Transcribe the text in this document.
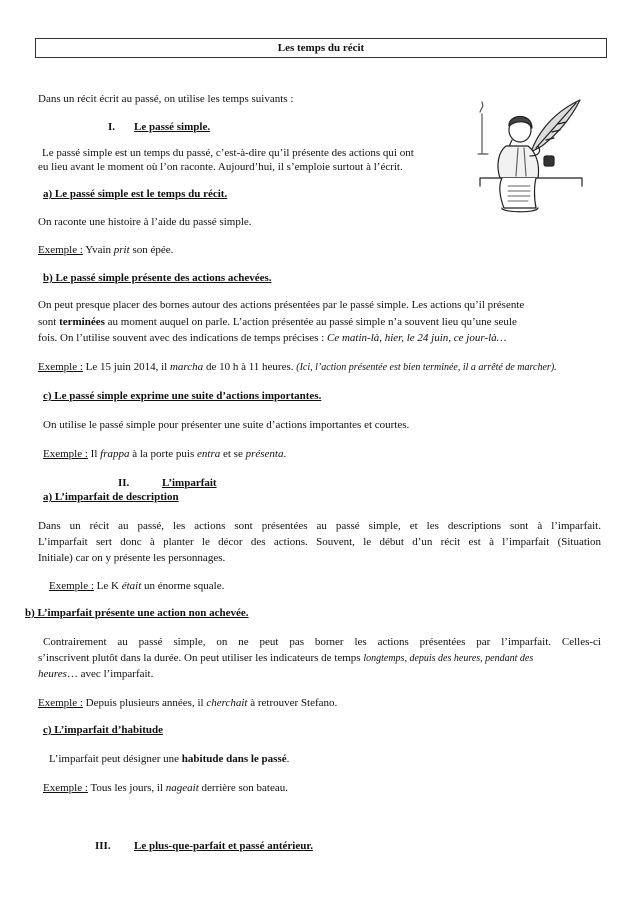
Les temps du récit
Dans un récit écrit au passé, on utilise les temps suivants :
I. Le passé simple.
Le passé simple est un temps du passé, c’est-à-dire qu’il présente des actions qui ont
eu lieu avant le moment où l’on raconte. Aujourd’hui, il s’emploie surtout à l’écrit.
a) Le passé simple est le temps du récit.
On raconte une histoire à l’aide du passé simple.
Exemple : Yvain prit son épée.
b) Le passé simple présente des actions achevées.
On peut presque placer des bornes autour des actions présentées par le passé simple. Les actions qu’il présente
sont terminées au moment auquel on parle. L’action présentée au passé simple n’a souvent lieu qu’une seule
fois. On l’utilise souvent avec des indications de temps précises : Ce matin-là, hier, le 24 juin, ce jour-là…
Exemple : Le 15 juin 2014, il marcha de 10 h à 11 heures. (Ici, l’action présentée est bien terminée, il a arrêté de marcher).
c) Le passé simple exprime une suite d’actions importantes.
On utilise le passé simple pour présenter une suite d’actions importantes et courtes.
Exemple : Il frappa à la porte puis entra et se présenta.
II.	L’imparfait
a) L’imparfait de description
Dans un récit au passé, les actions sont présentées au passé simple, et les descriptions sont à l’imparfait.
L’imparfait sert donc à planter le décor des actions. Souvent, le début d’un récit est à l’imparfait (Situation
Initiale) car on y présente les personnages.
Exemple : Le K était un énorme squale.
b) L’imparfait présente une action non achevée.
Contrairement au passé simple, on ne peut pas borner les actions présentées par l’imparfait. Celles-ci
s’inscrivent plutôt dans la durée. On peut utiliser les indicateurs de temps longtemps, depuis des heures, pendant des
heures… avec l’imparfait.
Exemple : Depuis plusieurs années, il cherchait à retrouver Stefano.
c) L’imparfait d’habitude
L’imparfait peut désigner une habitude dans le passé.
Exemple : Tous les jours, il nageait derrière son bateau.
III. Le plus-que-parfait et passé antérieur.
